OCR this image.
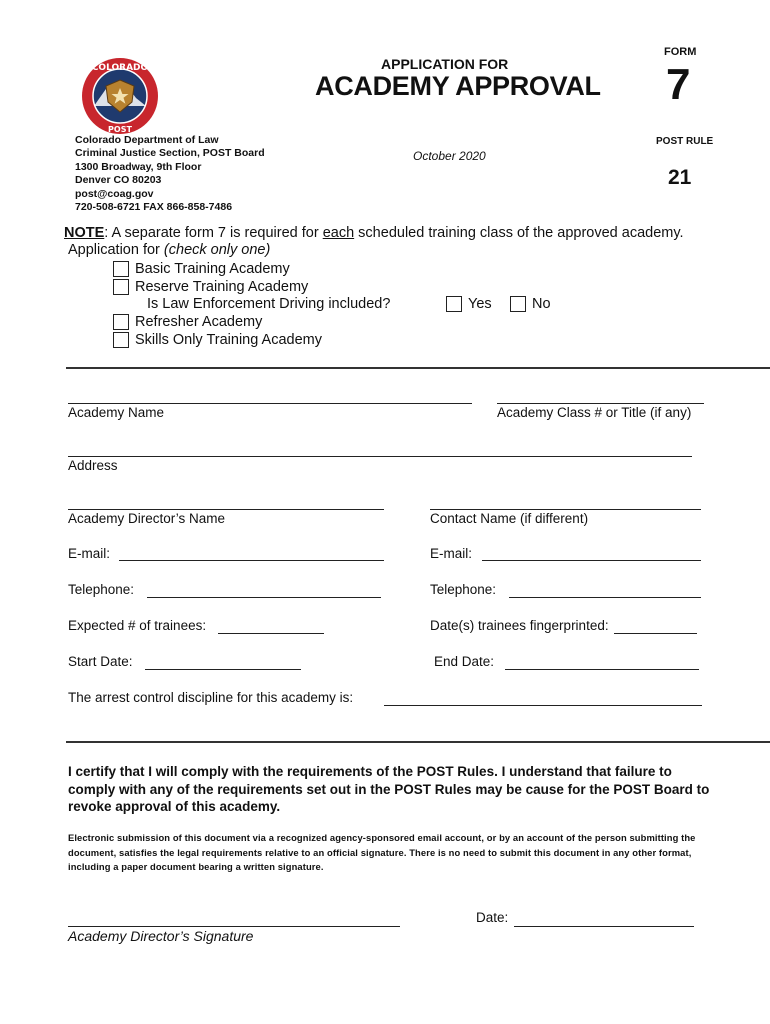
COLORADO
POST
Colorado Department of Law
Criminal Justice Section, POST Board
1300 Broadway, 9th Floor
Denver CO 80203
post@coag.gov
720-508-6721 FAX 866-858-7486
APPLICATION FOR
ACADEMY APPROVAL
October 2020
FORM
7
POST RULE
21
NOTE: A separate form 7 is required for each scheduled training class of the approved academy.
Application for (check only one)
Basic Training Academy
Reserve Training Academy
Is Law Enforcement Driving included?	Yes	No
Refresher Academy
Skills Only Training Academy
Academy Name	Academy Class # or Title (if any)
Address
Academy Director’s Name	Contact Name (if different)
E-mail:	E-mail:
Telephone:	Telephone:
Expected # of trainees:	Date(s) trainees fingerprinted:
Start Date:	End Date:
The arrest control discipline for this academy is:
I certify that I will comply with the requirements of the POST Rules. I understand that failure to comply with any of the requirements set out in the POST Rules may be cause for the POST Board to revoke approval of this academy.
Electronic submission of this document via a recognized agency-sponsored email account, or by an account of the person submitting the document, satisfies the legal requirements relative to an official signature. There is no need to submit this document in any other format, including a paper document bearing a written signature.
Academy Director’s Signature
Date:
